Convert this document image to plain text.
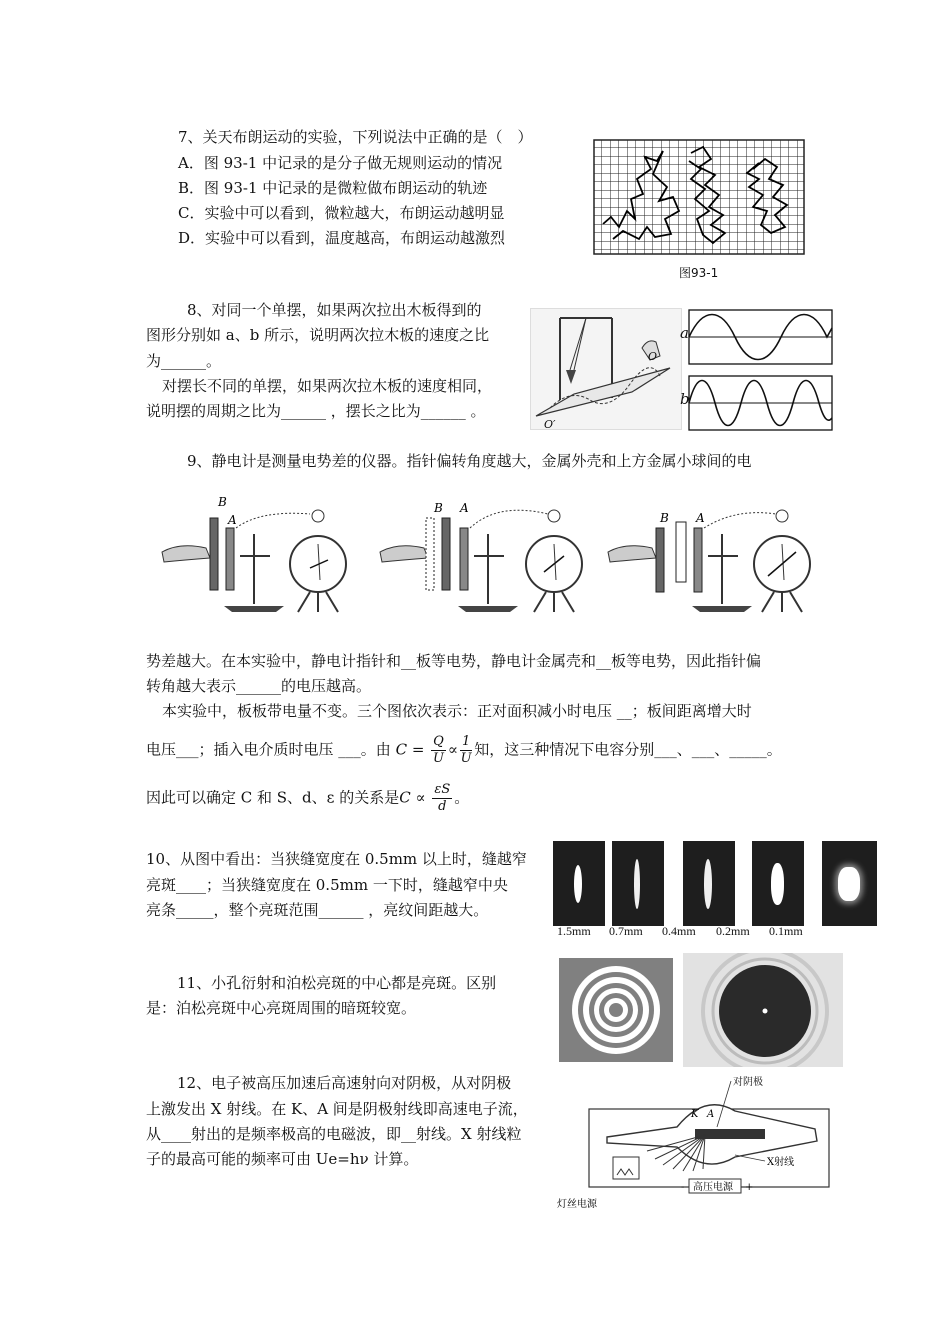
7、关天布朗运动的实验，下列说法中正确的是（　）
A．图 93-1 中记录的是分子做无规则运动的情况
B．图 93-1 中记录的是微粒做布朗运动的轨迹
C．实验中可以看到，微粒越大，布朗运动越明显
D．实验中可以看到，温度越高，布朗运动越激烈
图93-1
8、对同一个单摆，如果两次拉出木板得到的
图形分别如 a、b 所示，说明两次拉木板的速度之比
为______。
对摆长不同的单摆，如果两次拉木板的速度相同，
说明摆的周期之比为______ ，摆长之比为______ 。
O
O′
a
b
9、静电计是测量电势差的仪器。指针偏转角度越大，金属外壳和上方金属小球间的电
B
A
B A
B A
势差越大。在本实验中，静电计指针和__板等电势，静电计金属壳和__板等电势，因此指针偏
转角越大表示______的电压越高。
本实验中，板板带电量不变。三个图依次表示：正对面积减小时电压 __；板间距离增大时
电压___；插入电介质时电压 ___。由 $C = \frac{Q}{U} \propto \frac{1}{U}$ 知，这三种情况下电容分别___、___、_____。
因此可以确定 C 和 S、d、ε 的关系是$C \propto \frac{\varepsilon S}{d}$ 。
10、从图中看出：当狭缝宽度在 0.5mm 以上时，缝越窄
亮斑____；当狭缝宽度在 0.5mm 一下时，缝越窄中央
亮条_____，整个亮斑范围______ ，亮纹间距越大。
1.5mm 0.7mm 0.4mm 0.2mm 0.1mm
11、小孔衍射和泊松亮斑的中心都是亮斑。区别
是：泊松亮斑中心亮斑周围的暗斑较宽。
12、电子被高压加速后高速射向对阴极，从对阴极
上激发出 X 射线。在 K、A 间是阴极射线即高速电子流，
从____射出的是频率极高的电磁波，即__射线。X 射线粒
子的最高可能的频率可由 Ue=hν 计算。
对阴极
K A
X射线
高压电源
-	+
灯丝电源
